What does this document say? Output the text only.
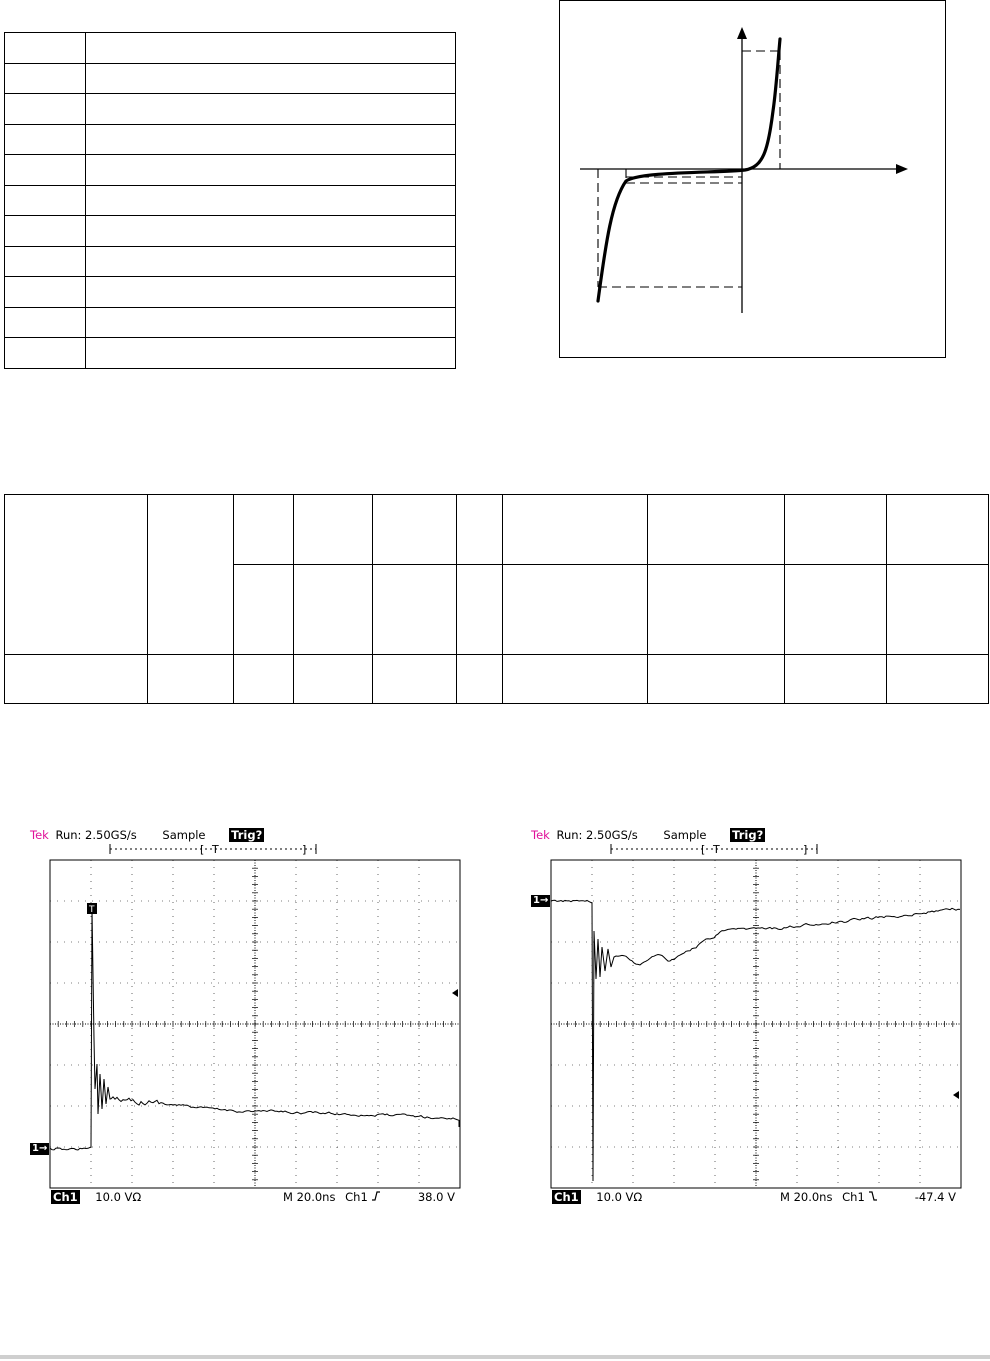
Tek Run: 2.50GS/s Sample Trig?
[ T	]
T
1→
Ch1 10.0 VΩ	M 20.0ns Ch1	38.0 V
Tek Run: 2.50GS/s Sample Trig?
[ T	]
1→
Ch1 10.0 VΩ	M 20.0ns Ch1	-47.4 V
